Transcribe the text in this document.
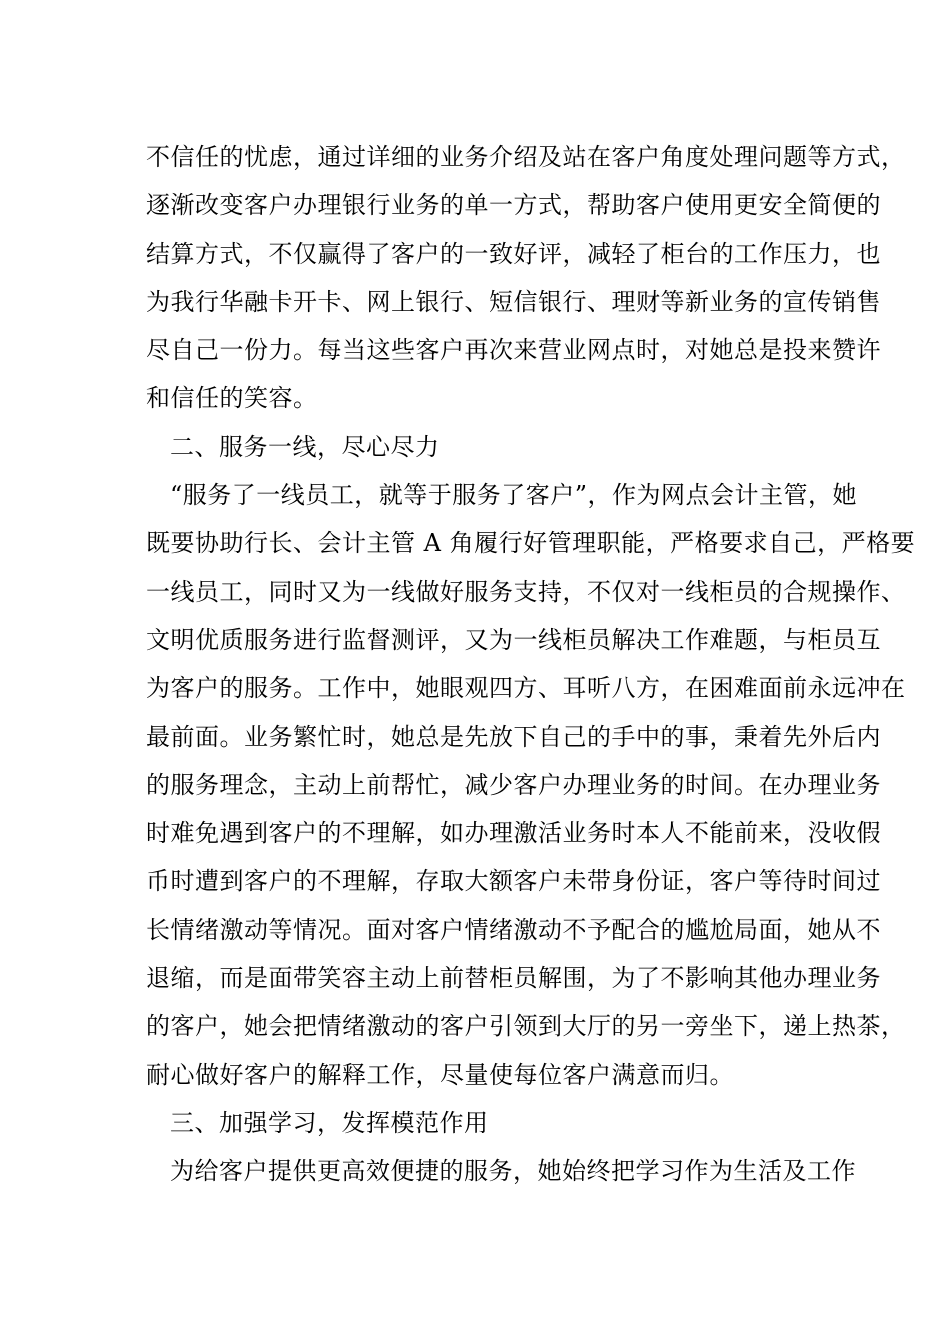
不信任的忧虑，通过详细的业务介绍及站在客户角度处理问题等方式，
逐渐改变客户办理银行业务的单一方式，帮助客户使用更安全简便的
结算方式，不仅赢得了客户的一致好评，减轻了柜台的工作压力，也
为我行华融卡开卡、网上银行、短信银行、理财等新业务的宣传销售
尽自己一份力。每当这些客户再次来营业网点时，对她总是投来赞许
和信任的笑容。
二、服务一线，尽心尽力
“服务了一线员工，就等于服务了客户”，作为网点会计主管，她
既要协助行长、会计主管 A 角履行好管理职能，严格要求自己，严格要
一线员工，同时又为一线做好服务支持，不仅对一线柜员的合规操作、
文明优质服务进行监督测评，又为一线柜员解决工作难题，与柜员互
为客户的服务。工作中，她眼观四方、耳听八方，在困难面前永远冲在
最前面。业务繁忙时，她总是先放下自己的手中的事，秉着先外后内
的服务理念，主动上前帮忙，减少客户办理业务的时间。在办理业务
时难免遇到客户的不理解，如办理激活业务时本人不能前来，没收假
币时遭到客户的不理解，存取大额客户未带身份证，客户等待时间过
长情绪激动等情况。面对客户情绪激动不予配合的尴尬局面，她从不
退缩，而是面带笑容主动上前替柜员解围，为了不影响其他办理业务
的客户，她会把情绪激动的客户引领到大厅的另一旁坐下，递上热茶，
耐心做好客户的解释工作，尽量使每位客户满意而归。
三、加强学习，发挥模范作用
为给客户提供更高效便捷的服务，她始终把学习作为生活及工作
